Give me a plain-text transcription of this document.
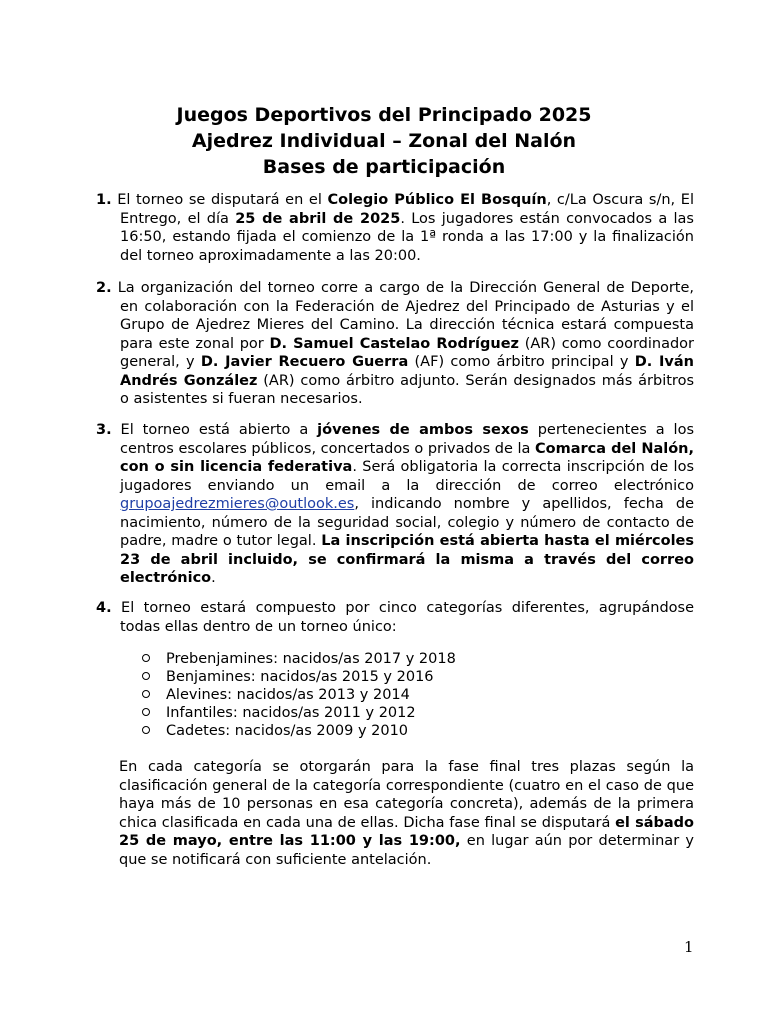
Juegos Deportivos del Principado 2025
Ajedrez Individual – Zonal del Nalón
Bases de participación

1. El torneo se disputará en el Colegio Público El Bosquín, c/La Oscura s/n, El Entrego, el día 25 de abril de 2025. Los jugadores están convocados a las 16:50, estando fijada el comienzo de la 1ª ronda a las 17:00 y la finalización del torneo aproximadamente a las 20:00.

2. La organización del torneo corre a cargo de la Dirección General de Deporte, en colaboración con la Federación de Ajedrez del Principado de Asturias y el Grupo de Ajedrez Mieres del Camino. La dirección técnica estará compuesta para este zonal por D. Samuel Castelao Rodríguez (AR) como coordinador general, y D. Javier Recuero Guerra (AF) como árbitro principal y D. Iván Andrés González (AR) como árbitro adjunto. Serán designados más árbitros o asistentes si fueran necesarios.

3. El torneo está abierto a jóvenes de ambos sexos pertenecientes a los centros escolares públicos, concertados o privados de la Comarca del Nalón, con o sin licencia federativa. Será obligatoria la correcta inscripción de los jugadores enviando un email a la dirección de correo electrónico grupoajedrezmieres@outlook.es, indicando nombre y apellidos, fecha de nacimiento, número de la seguridad social, colegio y número de contacto de padre, madre o tutor legal. La inscripción está abierta hasta el miércoles 23 de abril incluido, se confirmará la misma a través del correo electrónico.

4. El torneo estará compuesto por cinco categorías diferentes, agrupándose todas ellas dentro de un torneo único:

Prebenjamines: nacidos/as 2017 y 2018
Benjamines: nacidos/as 2015 y 2016
Alevines: nacidos/as 2013 y 2014
Infantiles: nacidos/as 2011 y 2012
Cadetes: nacidos/as 2009 y 2010

En cada categoría se otorgarán para la fase final tres plazas según la clasificación general de la categoría correspondiente (cuatro en el caso de que haya más de 10 personas en esa categoría concreta), además de la primera chica clasificada en cada una de ellas. Dicha fase final se disputará el sábado 25 de mayo, entre las 11:00 y las 19:00, en lugar aún por determinar y que se notificará con suficiente antelación.

1
